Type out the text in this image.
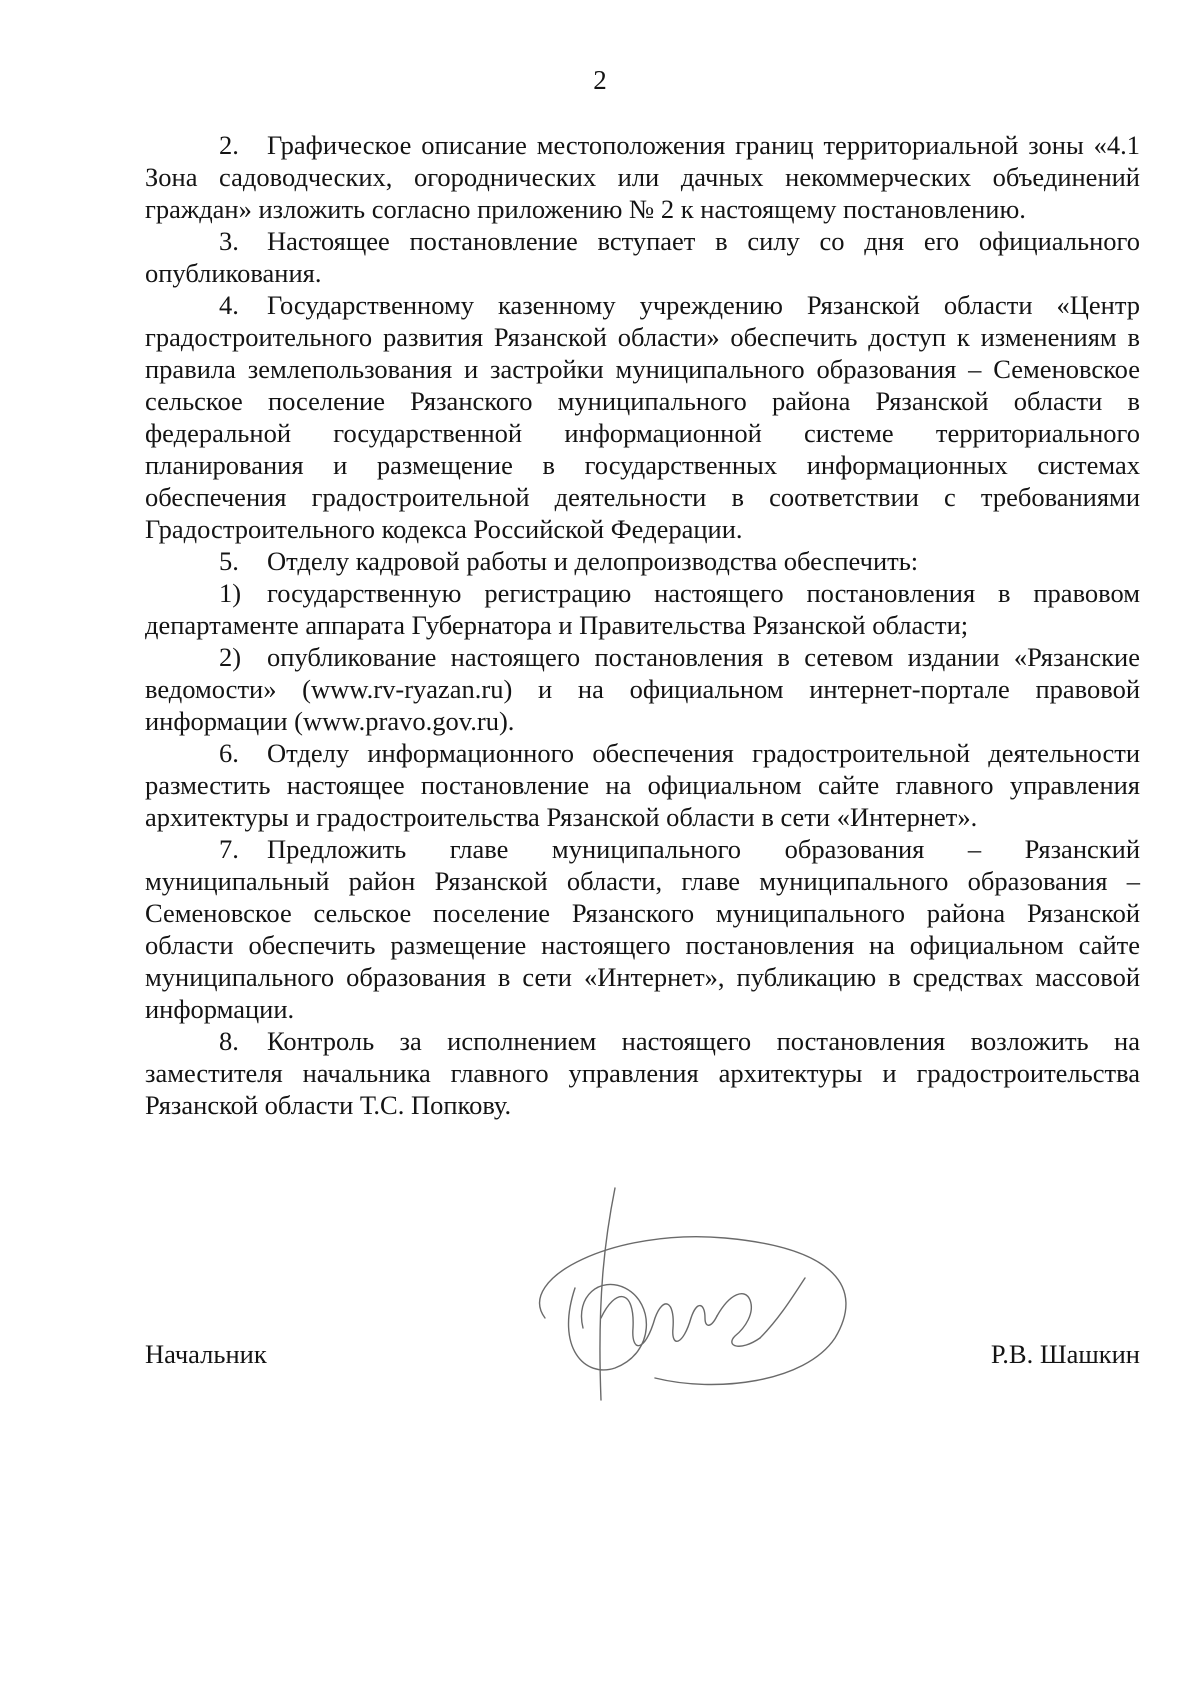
2

2. Графическое описание местоположения границ территориальной зоны «4.1 Зона садоводческих, огороднических или дачных некоммерческих объединений граждан» изложить согласно приложению № 2 к настоящему постановлению.

3. Настоящее постановление вступает в силу со дня его официального опубликования.

4. Государственному казенному учреждению Рязанской области «Центр градостроительного развития Рязанской области» обеспечить доступ к изменениям в правила землепользования и застройки муниципального образования – Семеновское сельское поселение Рязанского муниципального района Рязанской области в федеральной государственной информационной системе территориального планирования и размещение в государственных информационных системах обеспечения градостроительной деятельности в соответствии с требованиями Градостроительного кодекса Российской Федерации.

5. Отделу кадровой работы и делопроизводства обеспечить:

1) государственную регистрацию настоящего постановления в правовом департаменте аппарата Губернатора и Правительства Рязанской области;

2) опубликование настоящего постановления в сетевом издании «Рязанские ведомости» (www.rv-ryazan.ru) и на официальном интернет-портале правовой информации (www.pravo.gov.ru).

6. Отделу информационного обеспечения градостроительной деятельности разместить настоящее постановление на официальном сайте главного управления архитектуры и градостроительства Рязанской области в сети «Интернет».

7. Предложить главе муниципального образования – Рязанский муниципальный район Рязанской области, главе муниципального образования – Семеновское сельское поселение Рязанского муниципального района Рязанской области обеспечить размещение настоящего постановления на официальном сайте муниципального образования в сети «Интернет», публикацию в средствах массовой информации.

8. Контроль за исполнением настоящего постановления возложить на заместителя начальника главного управления архитектуры и градостроительства Рязанской области Т.С. Попкову.

Начальник	Р.В. Шашкин
